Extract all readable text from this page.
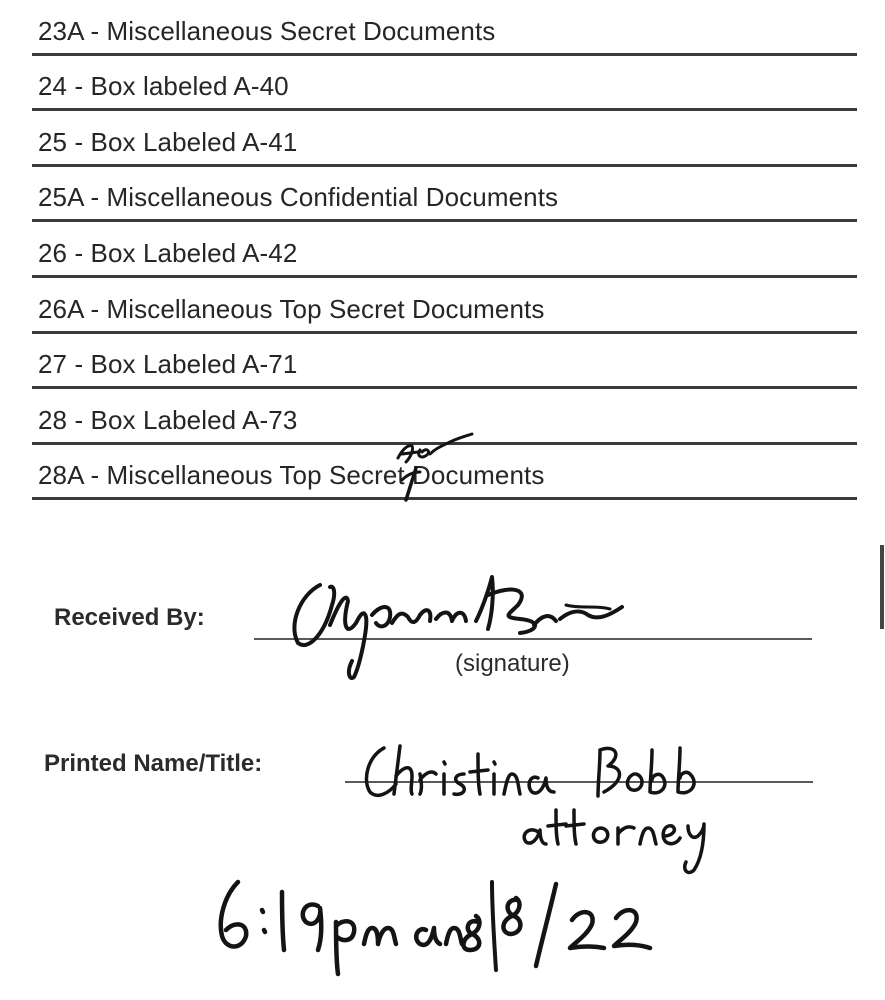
23A - Miscellaneous Secret Documents
24 - Box labeled A-40
25 - Box Labeled A-41
25A - Miscellaneous Confidential Documents
26 - Box Labeled A-42
26A - Miscellaneous Top Secret Documents
27 - Box Labeled A-71
28 - Box Labeled A-73
28A - Miscellaneous Top Secret Documents
Received By:
(signature)
Printed Name/Title:
